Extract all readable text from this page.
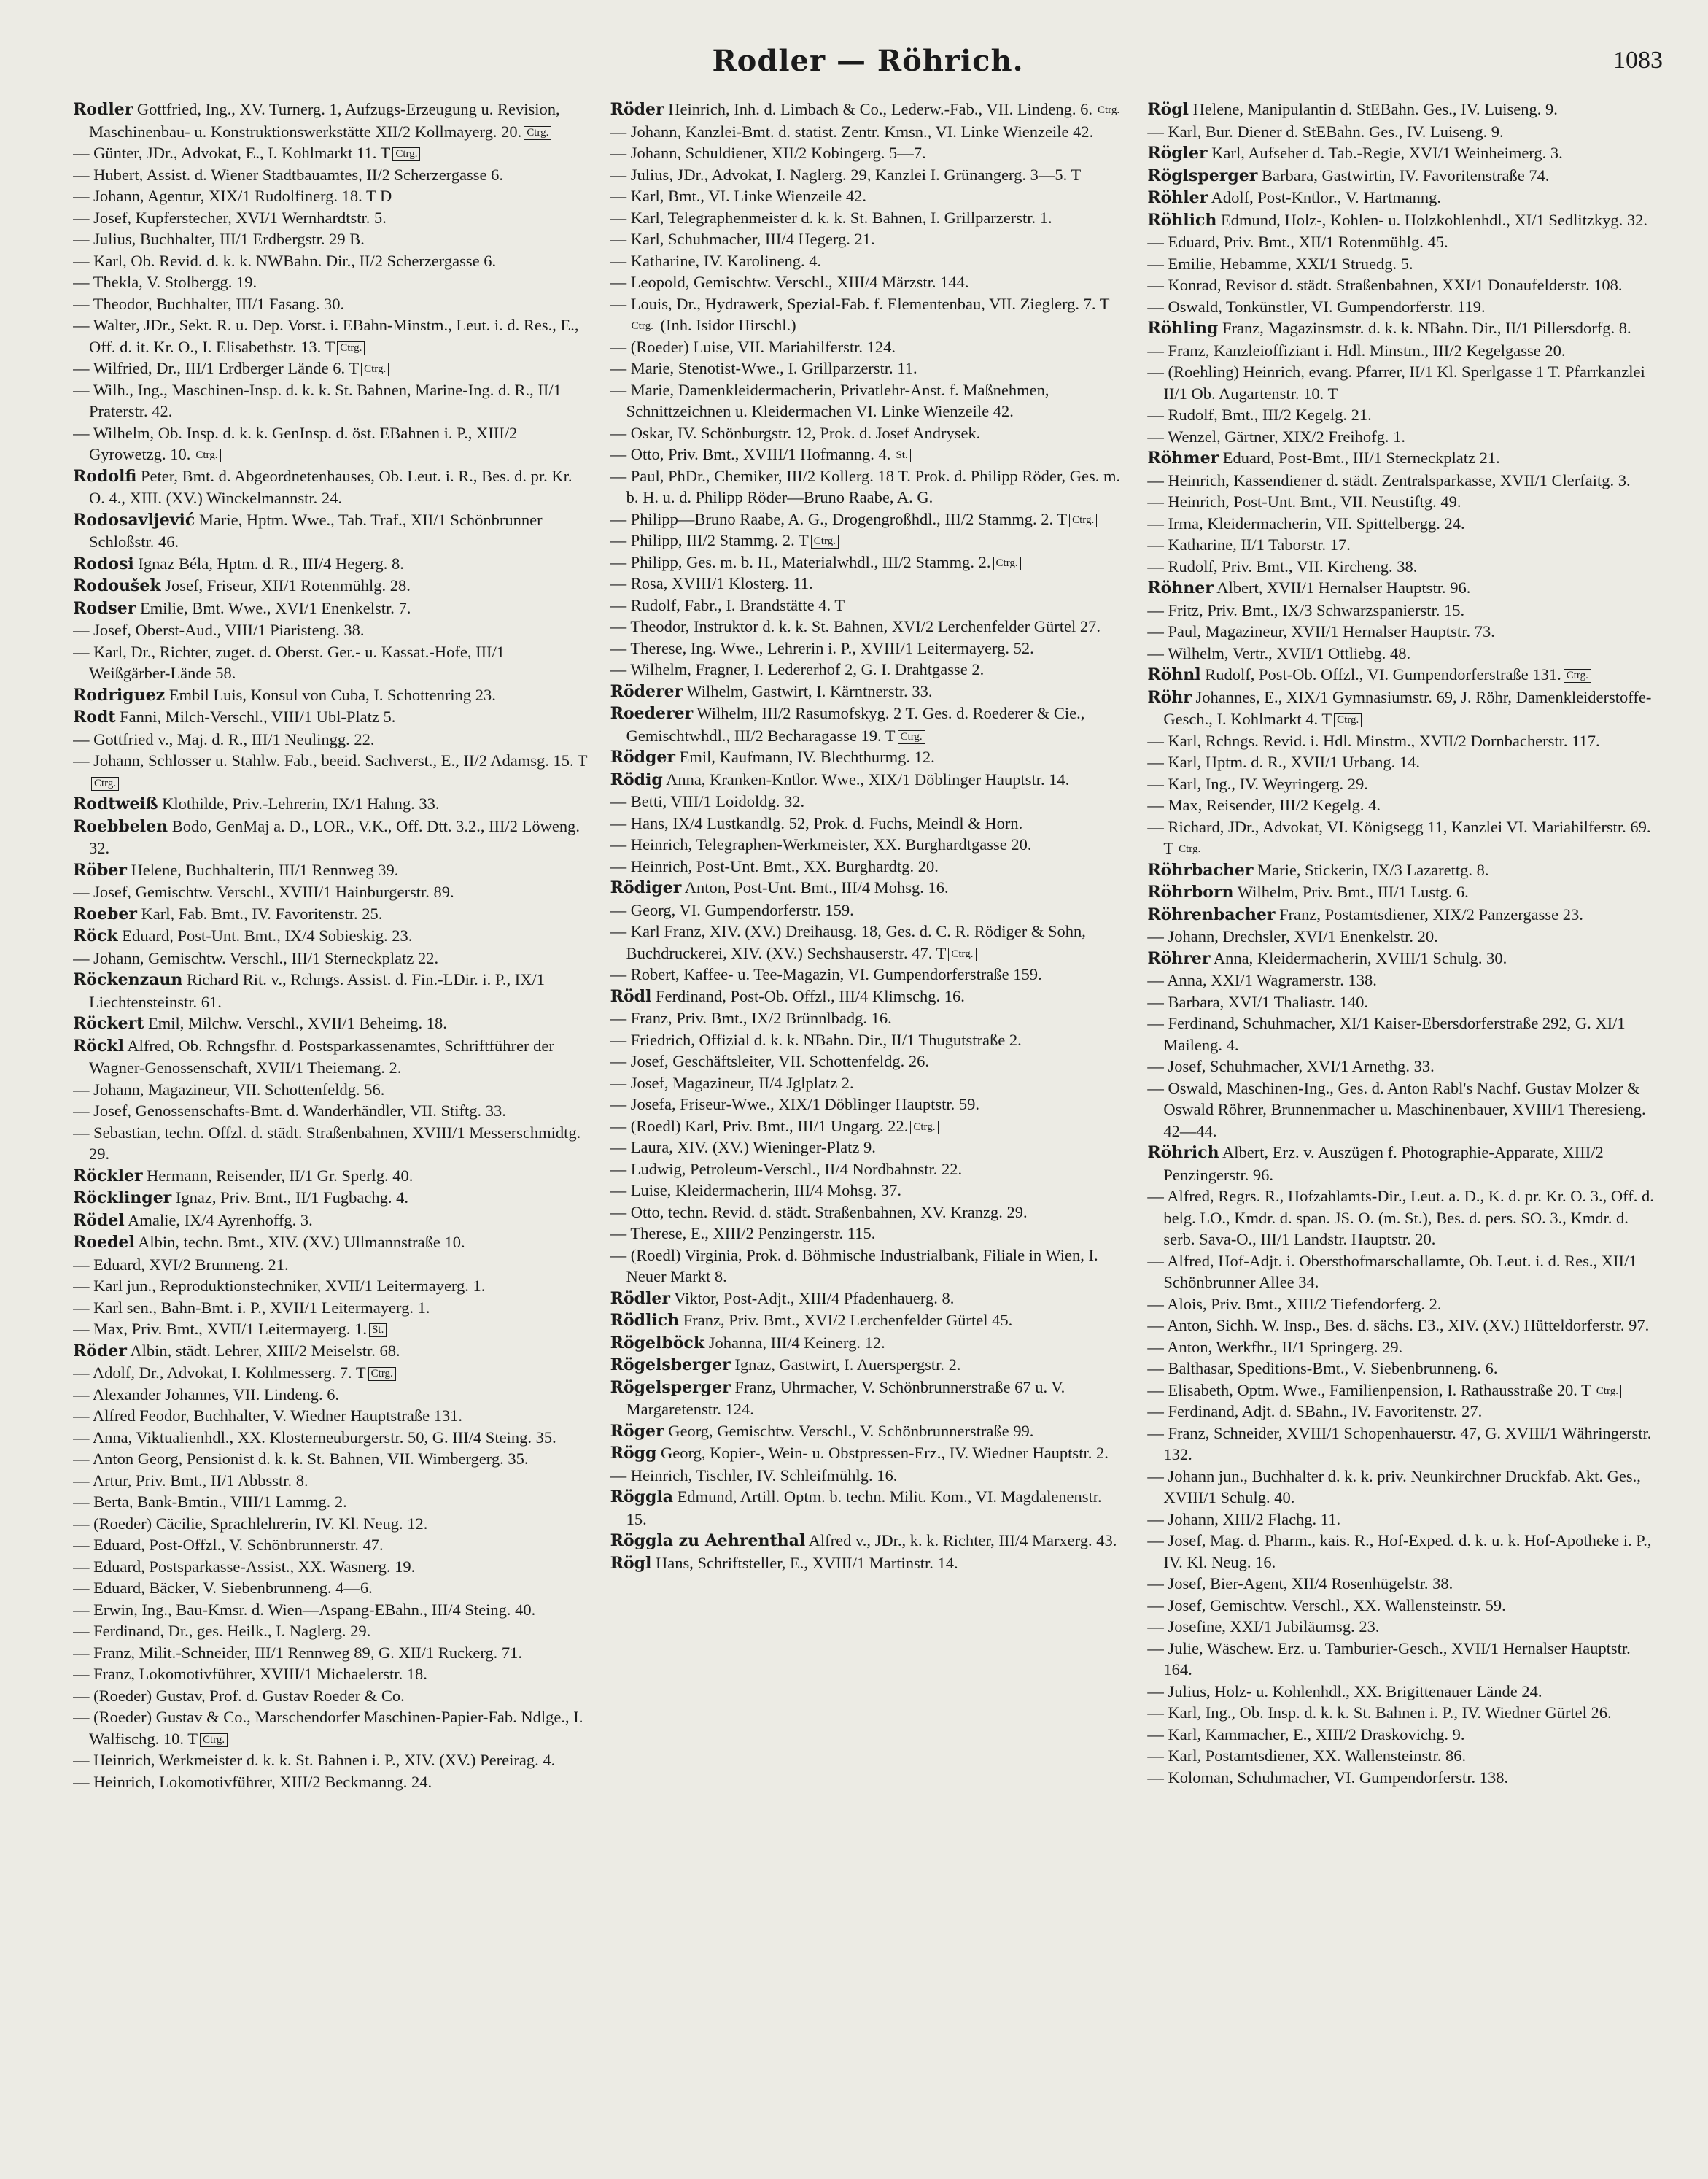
Rodler — Röhrich.	1083

Rodler Gottfried, Ing., XV. Turnerg. 1, Aufzugs-Erzeugung u. Revision, Maschinenbau- u. Konstruktionswerkstätte XII/2 Kollmayerg. 20. Ctrg.

— Günter, JDr., Advokat, E., I. Kohlmarkt 11. T Ctrg.

— Hubert, Assist. d. Wiener Stadtbauamtes, II/2 Scherzergasse 6.

— Johann, Agentur, XIX/1 Rudolfinerg. 18. T D

— Josef, Kupferstecher, XVI/1 Wernhardtstr. 5.

— Julius, Buchhalter, III/1 Erdbergstr. 29 B.

— Karl, Ob. Revid. d. k. k. NWBahn. Dir., II/2 Scherzergasse 6.

— Thekla, V. Stolbergg. 19.

— Theodor, Buchhalter, III/1 Fasang. 30.

— Walter, JDr., Sekt. R. u. Dep. Vorst. i. EBahn-Minstm., Leut. i. d. Res., E., Off. d. it. Kr. O., I. Elisabethstr. 13. T Ctrg.

— Wilfried, Dr., III/1 Erdberger Lände 6. T Ctrg.

— Wilh., Ing., Maschinen-Insp. d. k. k. St. Bahnen, Marine-Ing. d. R., II/1 Praterstr. 42.

— Wilhelm, Ob. Insp. d. k. k. GenInsp. d. öst. EBahnen i. P., XIII/2 Gyrowetzg. 10. Ctrg.

Rodolfi Peter, Bmt. d. Abgeordnetenhauses, Ob. Leut. i. R., Bes. d. pr. Kr. O. 4., XIII. (XV.) Winckelmannstr. 24.

Rodosavljević Marie, Hptm. Wwe., Tab. Traf., XII/1 Schönbrunner Schloßstr. 46.

Rodosi Ignaz Béla, Hptm. d. R., III/4 Hegerg. 8.

Rodoušek Josef, Friseur, XII/1 Rotenmühlg. 28.

Rodser Emilie, Bmt. Wwe., XVI/1 Enenkelstr. 7.

— Josef, Oberst-Aud., VIII/1 Piaristeng. 38.

— Karl, Dr., Richter, zuget. d. Oberst. Ger.- u. Kassat.-Hofe, III/1 Weißgärber-Lände 58.

Rodriguez Embil Luis, Konsul von Cuba, I. Schottenring 23.

Rodt Fanni, Milch-Verschl., VIII/1 Ubl-Platz 5.

— Gottfried v., Maj. d. R., III/1 Neulingg. 22.

— Johann, Schlosser u. Stahlw. Fab., beeid. Sachverst., E., II/2 Adamsg. 15. TCtrg.

Rodtweiß Klothilde, Priv.-Lehrerin, IX/1 Hahng. 33.

Roebbelen Bodo, GenMaj a. D., LOR., V.K., Off. Dtt. 3.2., III/2 Löweng. 32.

Röber Helene, Buchhalterin, III/1 Rennweg 39.

— Josef, Gemischtw. Verschl., XVIII/1 Hainburgerstr. 89.

Roeber Karl, Fab. Bmt., IV. Favoritenstr. 25.

Röck Eduard, Post-Unt. Bmt., IX/4 Sobieskig. 23.

— Johann, Gemischtw. Verschl., III/1 Sterneckplatz 22.

Röckenzaun Richard Rit. v., Rchngs. Assist. d. Fin.-LDir. i. P., IX/1 Liechtensteinstr. 61.

Röckert Emil, Milchw. Verschl., XVII/1 Beheimg. 18.

Röckl Alfred, Ob. Rchngsfhr. d. Postsparkassenamtes, Schriftführer der Wagner-Genossenschaft, XVII/1 Theiemang. 2.

— Johann, Magazineur, VII. Schottenfeldg. 56.

— Josef, Genossenschafts-Bmt. d. Wanderhändler, VII. Stiftg. 33.

— Sebastian, techn. Offzl. d. städt. Straßenbahnen, XVIII/1 Messerschmidtg. 29.

Röckler Hermann, Reisender, II/1 Gr. Sperlg. 40.

Röcklinger Ignaz, Priv. Bmt., II/1 Fugbachg. 4.

Rödel Amalie, IX/4 Ayrenhoffg. 3.

Roedel Albin, techn. Bmt., XIV. (XV.) Ullmannstraße 10.

— Eduard, XVI/2 Brunneng. 21.

— Karl jun., Reproduktionstechniker, XVII/1 Leitermayerg. 1.

— Karl sen., Bahn-Bmt. i. P., XVII/1 Leitermayerg. 1.

— Max, Priv. Bmt., XVII/1 Leitermayerg. 1. St.

Röder Albin, städt. Lehrer, XIII/2 Meiselstr. 68.

— Adolf, Dr., Advokat, I. Kohlmesserg. 7. T Ctrg.

— Alexander Johannes, VII. Lindeng. 6.

— Alfred Feodor, Buchhalter, V. Wiedner Hauptstraße 131.

— Anna, Viktualienhdl., XX. Klosterneuburgerstr. 50, G. III/4 Steing. 35.

— Anton Georg, Pensionist d. k. k. St. Bahnen, VII. Wimbergerg. 35.

— Artur, Priv. Bmt., II/1 Abbsstr. 8.

— Berta, Bank-Bmtin., VIII/1 Lammg. 2.

— (Roeder) Cäcilie, Sprachlehrerin, IV. Kl. Neug. 12.

— Eduard, Post-Offzl., V. Schönbrunnerstr. 47.

— Eduard, Postsparkasse-Assist., XX. Wasnerg. 19.

— Eduard, Bäcker, V. Siebenbrunneng. 4—6.

— Erwin, Ing., Bau-Kmsr. d. Wien—Aspang-EBahn., III/4 Steing. 40.

— Ferdinand, Dr., ges. Heilk., I. Naglerg. 29.

— Franz, Milit.-Schneider, III/1 Rennweg 89, G. XII/1 Ruckerg. 71.

— Franz, Lokomotivführer, XVIII/1 Michaelerstr. 18.

— (Roeder) Gustav, Prof. d. Gustav Roeder & Co.

— (Roeder) Gustav & Co., Marschendorfer Maschinen-Papier-Fab. Ndlge., I. Walfischg. 10. T Ctrg.

— Heinrich, Werkmeister d. k. k. St. Bahnen i. P., XIV. (XV.) Pereirag. 4.

— Heinrich, Lokomotivführer, XIII/2 Beckmanng. 24.

Röder Heinrich, Inh. d. Limbach & Co., Lederw.-Fab., VII. Lindeng. 6. Ctrg.

— Johann, Kanzlei-Bmt. d. statist. Zentr. Kmsn., VI. Linke Wienzeile 42.

— Johann, Schuldiener, XII/2 Kobingerg. 5—7.

— Julius, JDr., Advokat, I. Naglerg. 29, Kanzlei I. Grünangerg. 3—5. T

— Karl, Bmt., VI. Linke Wienzeile 42.

— Karl, Telegraphenmeister d. k. k. St. Bahnen, I. Grillparzerstr. 1.

— Karl, Schuhmacher, III/4 Hegerg. 21.

— Katharine, IV. Karolineng. 4.

— Leopold, Gemischtw. Verschl., XIII/4 Märzstr. 144.

— Louis, Dr., Hydrawerk, Spezial-Fab. f. Elementenbau, VII. Zieglerg. 7. TCtrg. (Inh. Isidor Hirschl.)

— (Roeder) Luise, VII. Mariahilferstr. 124.

— Marie, Stenotist-Wwe., I. Grillparzerstr. 11.

— Marie, Damenkleidermacherin, Privatlehr-Anst. f. Maßnehmen, Schnittzeichnen u. Kleidermachen VI. Linke Wienzeile 42.

— Oskar, IV. Schönburgstr. 12, Prok. d. Josef Andrysek.

— Otto, Priv. Bmt., XVIII/1 Hofmanng. 4. St.

— Paul, PhDr., Chemiker, III/2 Kollerg. 18 T. Prok. d. Philipp Röder, Ges. m. b. H. u. d. Philipp Röder—Bruno Raabe, A. G.

— Philipp—Bruno Raabe, A. G., Drogengroßhdl., III/2 Stammg. 2. T Ctrg.

— Philipp, III/2 Stammg. 2. T Ctrg.

— Philipp, Ges. m. b. H., Materialwhdl., III/2 Stammg. 2. Ctrg.

— Rosa, XVIII/1 Klosterg. 11.

— Rudolf, Fabr., I. Brandstätte 4. T

— Theodor, Instruktor d. k. k. St. Bahnen, XVI/2 Lerchenfelder Gürtel 27.

— Therese, Ing. Wwe., Lehrerin i. P., XVIII/1 Leitermayerg. 52.

— Wilhelm, Fragner, I. Ledererhof 2, G. I. Drahtgasse 2.

Röderer Wilhelm, Gastwirt, I. Kärntnerstr. 33.

Roederer Wilhelm, III/2 Rasumofskyg. 2 T. Ges. d. Roederer & Cie., Gemischtwhdl., III/2 Becharagasse 19. T Ctrg.

Rödger Emil, Kaufmann, IV. Blechthurmg. 12.

Rödig Anna, Kranken-Kntlor. Wwe., XIX/1 Döblinger Hauptstr. 14.

— Betti, VIII/1 Loidoldg. 32.

— Hans, IX/4 Lustkandlg. 52, Prok. d. Fuchs, Meindl & Horn.

— Heinrich, Telegraphen-Werkmeister, XX. Burghardtgasse 20.

— Heinrich, Post-Unt. Bmt., XX. Burghardtg. 20.

Rödiger Anton, Post-Unt. Bmt., III/4 Mohsg. 16.

— Georg, VI. Gumpendorferstr. 159.

— Karl Franz, XIV. (XV.) Dreihausg. 18, Ges. d. C. R. Rödiger & Sohn, Buchdruckerei, XIV. (XV.) Sechshauserstr. 47. T Ctrg.

— Robert, Kaffee- u. Tee-Magazin, VI. Gumpendorferstraße 159.

Rödl Ferdinand, Post-Ob. Offzl., III/4 Klimschg. 16.

— Franz, Priv. Bmt., IX/2 Brünnlbadg. 16.

— Friedrich, Offizial d. k. k. NBahn. Dir., II/1 Thugutstraße 2.

— Josef, Geschäftsleiter, VII. Schottenfeldg. 26.

— Josef, Magazineur, II/4 Jglplatz 2.

— Josefa, Friseur-Wwe., XIX/1 Döblinger Hauptstr. 59.

— (Roedl) Karl, Priv. Bmt., III/1 Ungarg. 22. Ctrg.

— Laura, XIV. (XV.) Wieninger-Platz 9.

— Ludwig, Petroleum-Verschl., II/4 Nordbahnstr. 22.

— Luise, Kleidermacherin, III/4 Mohsg. 37.

— Otto, techn. Revid. d. städt. Straßenbahnen, XV. Kranzg. 29.

— Therese, E., XIII/2 Penzingerstr. 115.

— (Roedl) Virginia, Prok. d. Böhmische Industrialbank, Filiale in Wien, I. Neuer Markt 8.

Rödler Viktor, Post-Adjt., XIII/4 Pfadenhauerg. 8.

Rödlich Franz, Priv. Bmt., XVI/2 Lerchenfelder Gürtel 45.

Rögelböck Johanna, III/4 Keinerg. 12.

Rögelsberger Ignaz, Gastwirt, I. Auerspergstr. 2.

Rögelsperger Franz, Uhrmacher, V. Schönbrunnerstraße 67 u. V. Margaretenstr. 124.

Röger Georg, Gemischtw. Verschl., V. Schönbrunnerstraße 99.

Rögg Georg, Kopier-, Wein- u. Obstpressen-Erz., IV. Wiedner Hauptstr. 2.

— Heinrich, Tischler, IV. Schleifmühlg. 16.

Röggla Edmund, Artill. Optm. b. techn. Milit. Kom., VI. Magdalenenstr. 15.

Röggla zu Aehrenthal Alfred v., JDr., k. k. Richter, III/4 Marxerg. 43.

Rögl Hans, Schriftsteller, E., XVIII/1 Martinstr. 14.

Rögl Helene, Manipulantin d. StEBahn. Ges., IV. Luiseng. 9.

— Karl, Bur. Diener d. StEBahn. Ges., IV. Luiseng. 9.

Rögler Karl, Aufseher d. Tab.-Regie, XVI/1 Weinheimerg. 3.

Röglsperger Barbara, Gastwirtin, IV. Favoritenstraße 74.

Röhler Adolf, Post-Kntlor., V. Hartmanng.

Röhlich Edmund, Holz-, Kohlen- u. Holzkohlenhdl., XI/1 Sedlitzkyg. 32.

— Eduard, Priv. Bmt., XII/1 Rotenmühlg. 45.

— Emilie, Hebamme, XXI/1 Struedg. 5.

— Konrad, Revisor d. städt. Straßenbahnen, XXI/1 Donaufelderstr. 108.

— Oswald, Tonkünstler, VI. Gumpendorferstr. 119.

Röhling Franz, Magazinsmstr. d. k. k. NBahn. Dir., II/1 Pillersdorfg. 8.

— Franz, Kanzleioffiziant i. Hdl. Minstm., III/2 Kegelgasse 20.

— (Roehling) Heinrich, evang. Pfarrer, II/1 Kl. Sperlgasse 1 T. Pfarrkanzlei II/1 Ob. Augartenstr. 10. T

— Rudolf, Bmt., III/2 Kegelg. 21.

— Wenzel, Gärtner, XIX/2 Freihofg. 1.

Röhmer Eduard, Post-Bmt., III/1 Sterneckplatz 21.

— Heinrich, Kassendiener d. städt. Zentralsparkasse, XVII/1 Clerfaitg. 3.

— Heinrich, Post-Unt. Bmt., VII. Neustiftg. 49.

— Irma, Kleidermacherin, VII. Spittelbergg. 24.

— Katharine, II/1 Taborstr. 17.

— Rudolf, Priv. Bmt., VII. Kircheng. 38.

Röhner Albert, XVII/1 Hernalser Hauptstr. 96.

— Fritz, Priv. Bmt., IX/3 Schwarzspanierstr. 15.

— Paul, Magazineur, XVII/1 Hernalser Hauptstr. 73.

— Wilhelm, Vertr., XVII/1 Ottliebg. 48.

Röhnl Rudolf, Post-Ob. Offzl., VI. Gumpendorferstraße 131. Ctrg.

Röhr Johannes, E., XIX/1 Gymnasiumstr. 69, J. Röhr, Damenkleiderstoffe-Gesch., I. Kohlmarkt 4. T Ctrg.

— Karl, Rchngs. Revid. i. Hdl. Minstm., XVII/2 Dornbacherstr. 117.

— Karl, Hptm. d. R., XVII/1 Urbang. 14.

— Karl, Ing., IV. Weyringerg. 29.

— Max, Reisender, III/2 Kegelg. 4.

— Richard, JDr., Advokat, VI. Königsegg 11, Kanzlei VI. Mariahilferstr. 69. T Ctrg.

Röhrbacher Marie, Stickerin, IX/3 Lazarettg. 8.

Röhrborn Wilhelm, Priv. Bmt., III/1 Lustg. 6.

Röhrenbacher Franz, Postamtsdiener, XIX/2 Panzergasse 23.

— Johann, Drechsler, XVI/1 Enenkelstr. 20.

Röhrer Anna, Kleidermacherin, XVIII/1 Schulg. 30.

— Anna, XXI/1 Wagramerstr. 138.

— Barbara, XVI/1 Thaliastr. 140.

— Ferdinand, Schuhmacher, XI/1 Kaiser-Ebersdorferstraße 292, G. XI/1 Maileng. 4.

— Josef, Schuhmacher, XVI/1 Arnethg. 33.

— Oswald, Maschinen-Ing., Ges. d. Anton Rabl's Nachf. Gustav Molzer & Oswald Röhrer, Brunnenmacher u. Maschinenbauer, XVIII/1 Theresieng. 42—44.

Röhrich Albert, Erz. v. Auszügen f. Photographie-Apparate, XIII/2 Penzingerstr. 96.

— Alfred, Regrs. R., Hofzahlamts-Dir., Leut. a. D., K. d. pr. Kr. O. 3., Off. d. belg. LO., Kmdr. d. span. JS. O. (m. St.), Bes. d. pers. SO. 3., Kmdr. d. serb. Sava-O., III/1 Landstr. Hauptstr. 20.

— Alfred, Hof-Adjt. i. Obersthofmarschallamte, Ob. Leut. i. d. Res., XII/1 Schönbrunner Allee 34.

— Alois, Priv. Bmt., XIII/2 Tiefendorferg. 2.

— Anton, Sichh. W. Insp., Bes. d. sächs. E3., XIV. (XV.) Hütteldorferstr. 97.

— Anton, Werkfhr., II/1 Springerg. 29.

— Balthasar, Speditions-Bmt., V. Siebenbrunneng. 6.

— Elisabeth, Optm. Wwe., Familienpension, I. Rathausstraße 20. T Ctrg.

— Ferdinand, Adjt. d. SBahn., IV. Favoritenstr. 27.

— Franz, Schneider, XVIII/1 Schopenhauerstr. 47, G. XVIII/1 Währingerstr. 132.

— Johann jun., Buchhalter d. k. k. priv. Neunkirchner Druckfab. Akt. Ges., XVIII/1 Schulg. 40.

— Johann, XIII/2 Flachg. 11.

— Josef, Mag. d. Pharm., kais. R., Hof-Exped. d. k. u. k. Hof-Apotheke i. P., IV. Kl. Neug. 16.

— Josef, Bier-Agent, XII/4 Rosenhügelstr. 38.

— Josef, Gemischtw. Verschl., XX. Wallensteinstr. 59.

— Josefine, XXI/1 Jubiläumsg. 23.

— Julie, Wäschew. Erz. u. Tamburier-Gesch., XVII/1 Hernalser Hauptstr. 164.

— Julius, Holz- u. Kohlenhdl., XX. Brigittenauer Lände 24.

— Karl, Ing., Ob. Insp. d. k. k. St. Bahnen i. P., IV. Wiedner Gürtel 26.

— Karl, Kammacher, E., XIII/2 Draskovichg. 9.

— Karl, Postamtsdiener, XX. Wallensteinstr. 86.

— Koloman, Schuhmacher, VI. Gumpendorferstr. 138.
